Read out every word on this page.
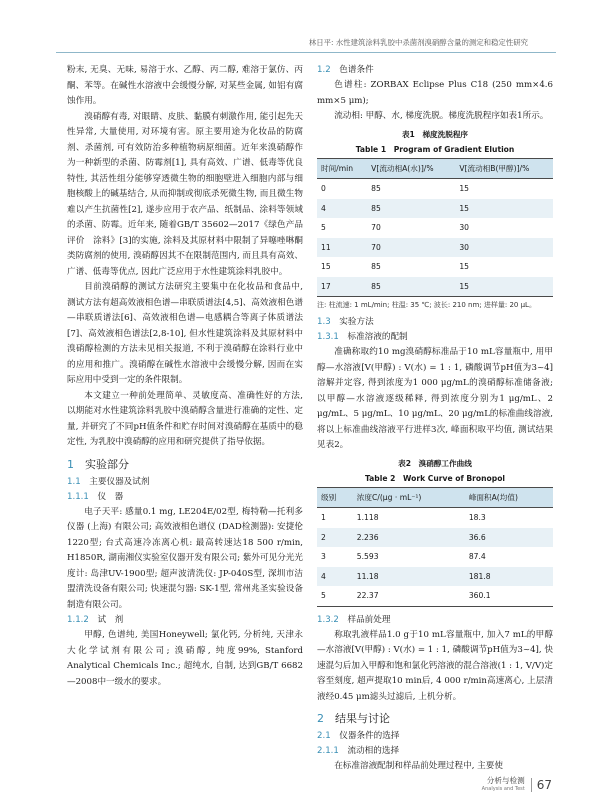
林日平: 水性建筑涂料乳胶中杀菌剂溴硝醇含量的测定和稳定性研究
粉末, 无臭、无味, 易溶于水、乙醇、丙二醇, 难溶于氯仿、丙酮、苯等。在碱性水溶液中会缓慢分解, 对某些金属, 如铝有腐蚀作用。
溴硝醇有毒, 对眼睛、皮肤、黏膜有刺激作用, 能引起先天性异常, 大量使用, 对环境有害。原主要用途为化妆品的防腐剂、杀菌剂, 可有效防治多种植物病原细菌。近年来溴硝醇作为一种新型的杀菌、防霉剂[1], 具有高效、广谱、低毒等优良特性, 其活性组分能够穿透微生物的细胞壁进入细胞内部与细胞核酸上的碱基结合, 从而抑制或彻底杀死微生物, 而且微生物难以产生抗菌性[2], 遂步应用于农产品、纸制品、涂料等领域的杀菌、防霉。近年来, 随着GB/T 35602—2017《绿色产品评价　涂料》[3]的实施, 涂料及其原材料中限制了异噻唑啉酮类防腐剂的使用, 溴硝醇因其不在限制范围内, 而且具有高效、广谱、低毒等优点, 因此广泛应用于水性建筑涂料乳胶中。
目前溴硝醇的测试方法研究主要集中在化妆品和食品中, 测试方法有超高效液相色谱—串联质谱法[4,5]、高效液相色谱—串联质谱法[6]、高效液相色谱—电感耦合等离子体质谱法[7]、高效液相色谱法[2,8-10], 但水性建筑涂料及其原材料中溴硝醇检测的方法未见相关报道, 不利于溴硝醇在涂料行业中的应用和推广。溴硝醇在碱性水溶液中会缓慢分解, 因而在实际应用中受到一定的条件限制。
本文建立一种前处理简单、灵敏度高、准确性好的方法, 以期能对水性建筑涂料乳胶中溴硝醇含量进行准确的定性、定量, 并研究了不同pH值条件和贮存时间对溴硝醇在基质中的稳定性, 为乳胶中溴硝醇的应用和研究提供了指导依据。
1　 实验部分
1.1　 主要仪器及试剂
1.1.1　 仪　器
电子天平: 感量0.1 mg, LE204E/02型, 梅特勒—托利多仪器 (上海) 有限公司; 高效液相色谱仪 (DAD检测器): 安捷伦1220型; 台式高速冷冻离心机: 最高转速达18 500 r/min, H1850R, 湖南湘仪实验室仪器开发有限公司; 紫外可见分光光度计: 岛津UV-1900型; 超声波清洗仪: JP-040S型, 深圳市洁盟清洗设备有限公司; 快速混匀器: SK-1型, 常州兆圣实验设备制造有限公司。
1.1.2　 试　剂
甲醇, 色谱纯, 美国Honeywell; 氯化钙, 分析纯, 天津永大化学试剂有限公司; 溴硝醇, 纯度99%, Stanford Analytical Chemicals Inc.; 超纯水, 自制, 达到GB/T 6682—2008中一级水的要求。
1.2　 色谱条件
色谱柱: ZORBAX Eclipse Plus C18 (250 mm×4.6 mm×5 μm);
流动相: 甲醇、水, 梯度洗脱。梯度洗脱程序如表1所示。
表1　梯度洗脱程序
Table 1　Program of Gradient Elution
时间/min	V[流动相A(水)]/%	V[流动相B(甲醇)]/%
0	85	15
4	85	15
5	70	30
11	70	30
15	85	15
17	85	15
注: 柱流速: 1 mL/min; 柱温: 35 ℃; 波长: 210 nm; 进样量: 20 μL。
1.3　 实验方法
1.3.1　 标准溶液的配制
准确称取约10 mg溴硝醇标准品于10 mL容量瓶中, 用甲醇—水溶液[V(甲醇) : V(水) = 1 : 1, 磷酸调节pH值为3~4]溶解并定容, 得到浓度为1 000 μg/mL的溴硝醇标准储备液; 以甲醇—水溶液逐级稀释, 得到浓度分别为1 μg/mL、2 μg/mL、5 μg/mL、10 μg/mL、20 μg/mL的标准曲线溶液, 将以上标准曲线溶液平行进样3次, 峰面积取平均值, 测试结果见表2。
表2　溴硝醇工作曲线
Table 2　Work Curve of Bronopol
级别	浓度C/(μg · mL⁻¹)	峰面积A(均值)
1	1.118	18.3
2	2.236	36.6
3	5.593	87.4
4	11.18	181.8
5	22.37	360.1
1.3.2　 样品前处理
称取乳液样品1.0 g于10 mL容量瓶中, 加入7 mL的甲醇—水溶液[V(甲醇) : V(水) = 1 : 1, 磷酸调节pH值为3~4], 快速混匀后加入甲醇和饱和氯化钙溶液的混合溶液(1 : 1, V/V)定容至刻度, 超声提取10 min后, 4 000 r/min高速离心, 上层清液经0.45 μm滤头过滤后, 上机分析。
2　 结果与讨论
2.1　 仪器条件的选择
2.1.1　 流动相的选择
在标准溶液配制和样品前处理过程中, 主要使
分析与检测
Analysis and Test	67
